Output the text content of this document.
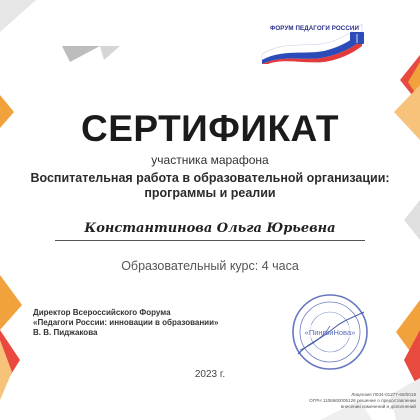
ФОРУМ ПЕДАГОГИ РОССИИ
СЕРТИФИКАТ
участника марафона
Воспитательная работа в образовательной организации:
программы и реалии
Константинова Ольга Юрьевна
Образовательный курс: 4 часа
Директор Всероссийского Форума
«Педагоги России: инновации в образовании»
В. В. Пиджакова	«ПингвиНова»
2023 г.
Лицензия Л034-01277-66/0019
ОГРН 1106660005126 решение о предоставлении
внесении изменений и дополнений
